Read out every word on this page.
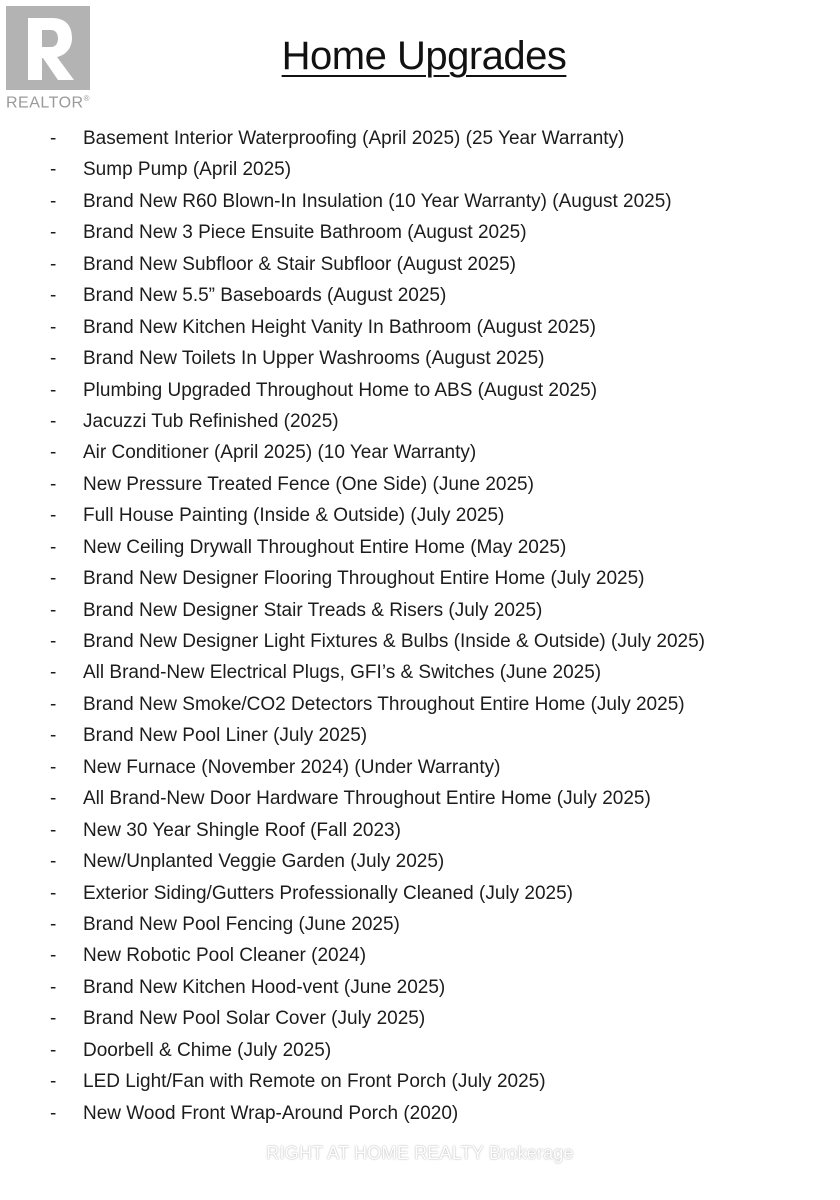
REALTOR®
Home Upgrades
- Basement Interior Waterproofing (April 2025) (25 Year Warranty)
- Sump Pump (April 2025)
- Brand New R60 Blown-In Insulation (10 Year Warranty) (August 2025)
- Brand New 3 Piece Ensuite Bathroom (August 2025)
- Brand New Subfloor & Stair Subfloor (August 2025)
- Brand New 5.5” Baseboards (August 2025)
- Brand New Kitchen Height Vanity In Bathroom (August 2025)
- Brand New Toilets In Upper Washrooms (August 2025)
- Plumbing Upgraded Throughout Home to ABS (August 2025)
- Jacuzzi Tub Refinished (2025)
- Air Conditioner (April 2025) (10 Year Warranty)
- New Pressure Treated Fence (One Side) (June 2025)
- Full House Painting (Inside & Outside) (July 2025)
- New Ceiling Drywall Throughout Entire Home (May 2025)
- Brand New Designer Flooring Throughout Entire Home (July 2025)
- Brand New Designer Stair Treads & Risers (July 2025)
- Brand New Designer Light Fixtures & Bulbs (Inside & Outside) (July 2025)
- All Brand-New Electrical Plugs, GFI’s & Switches (June 2025)
- Brand New Smoke/CO2 Detectors Throughout Entire Home (July 2025)
- Brand New Pool Liner (July 2025)
- New Furnace (November 2024) (Under Warranty)
- All Brand-New Door Hardware Throughout Entire Home (July 2025)
- New 30 Year Shingle Roof (Fall 2023)
- New/Unplanted Veggie Garden (July 2025)
- Exterior Siding/Gutters Professionally Cleaned (July 2025)
- Brand New Pool Fencing (June 2025)
- New Robotic Pool Cleaner (2024)
- Brand New Kitchen Hood-vent (June 2025)
- Brand New Pool Solar Cover (July 2025)
- Doorbell & Chime (July 2025)
- LED Light/Fan with Remote on Front Porch (July 2025)
- New Wood Front Wrap-Around Porch (2020)
RIGHT AT HOME REALTY Brokerage
